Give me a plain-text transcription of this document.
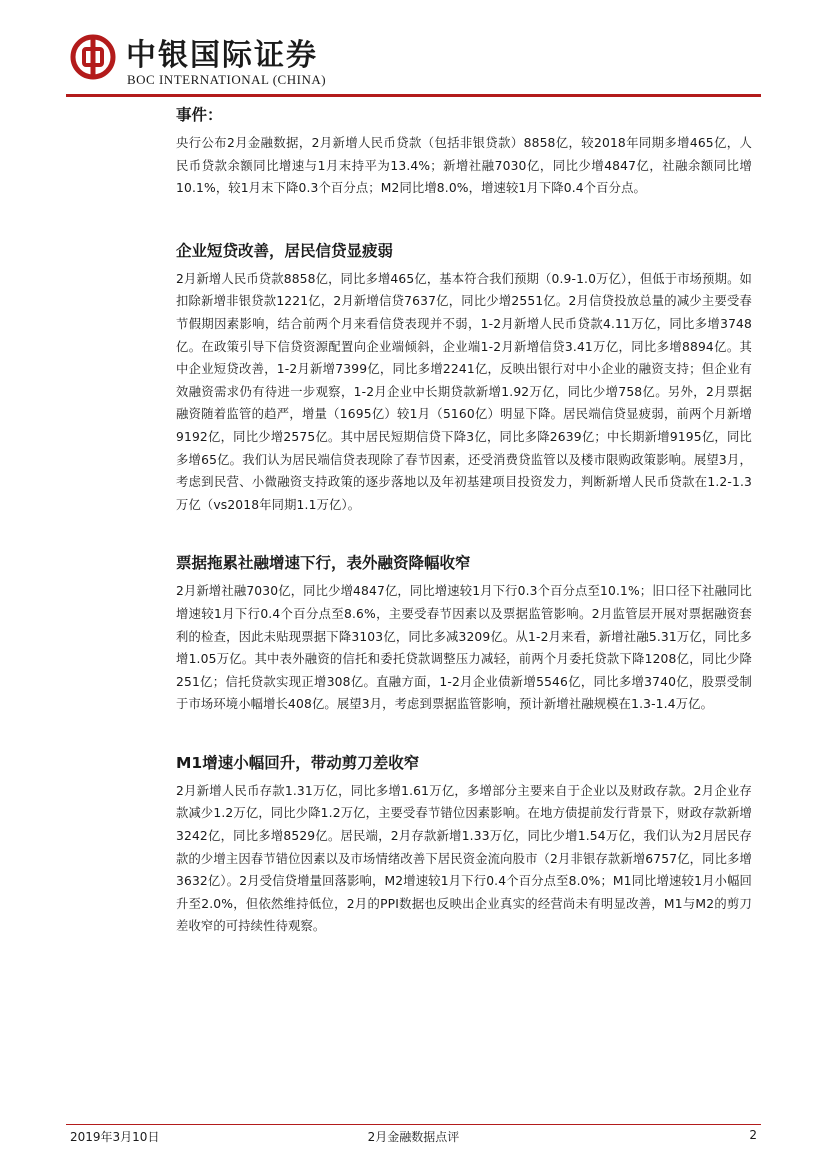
中银国际证券
BOC INTERNATIONAL (CHINA)
事件：

央行公布2月金融数据，2月新增人民币贷款（包括非银贷款）8858亿，较2018年同期多增465亿，人民币贷款余额同比增速与1月末持平为13.4%；新增社融7030亿，同比少增4847亿，社融余额同比增10.1%，较1月末下降0.3个百分点；M2同比增8.0%，增速较1月下降0.4个百分点。

企业短贷改善，居民信贷显疲弱

2月新增人民币贷款8858亿，同比多增465亿，基本符合我们预期（0.9-1.0万亿），但低于市场预期。如扣除新增非银贷款1221亿，2月新增信贷7637亿，同比少增2551亿。2月信贷投放总量的减少主要受春节假期因素影响，结合前两个月来看信贷表现并不弱，1-2月新增人民币贷款4.11万亿，同比多增3748亿。在政策引导下信贷资源配置向企业端倾斜，企业端1-2月新增信贷3.41万亿，同比多增8894亿。其中企业短贷改善，1-2月新增7399亿，同比多增2241亿，反映出银行对中小企业的融资支持；但企业有效融资需求仍有待进一步观察，1-2月企业中长期贷款新增1.92万亿，同比少增758亿。另外，2月票据融资随着监管的趋严，增量（1695亿）较1月（5160亿）明显下降。居民端信贷显疲弱，前两个月新增9192亿，同比少增2575亿。其中居民短期信贷下降3亿，同比多降2639亿；中长期新增9195亿，同比多增65亿。我们认为居民端信贷表现除了春节因素，还受消费贷监管以及楼市限购政策影响。展望3月，考虑到民营、小微融资支持政策的逐步落地以及年初基建项目投资发力，判断新增人民币贷款在1.2-1.3万亿（vs2018年同期1.1万亿）。

票据拖累社融增速下行，表外融资降幅收窄

2月新增社融7030亿，同比少增4847亿，同比增速较1月下行0.3个百分点至10.1%；旧口径下社融同比增速较1月下行0.4个百分点至8.6%，主要受春节因素以及票据监管影响。2月监管层开展对票据融资套利的检查，因此未贴现票据下降3103亿，同比多减3209亿。从1-2月来看，新增社融5.31万亿，同比多增1.05万亿。其中表外融资的信托和委托贷款调整压力减轻，前两个月委托贷款下降1208亿，同比少降251亿；信托贷款实现正增308亿。直融方面，1-2月企业债新增5546亿，同比多增3740亿，股票受制于市场环境小幅增长408亿。展望3月，考虑到票据监管影响，预计新增社融规模在1.3-1.4万亿。

M1增速小幅回升，带动剪刀差收窄

2月新增人民币存款1.31万亿，同比多增1.61万亿，多增部分主要来自于企业以及财政存款。2月企业存款减少1.2万亿，同比少降1.2万亿，主要受春节错位因素影响。在地方债提前发行背景下，财政存款新增3242亿，同比多增8529亿。居民端，2月存款新增1.33万亿，同比少增1.54万亿，我们认为2月居民存款的少增主因春节错位因素以及市场情绪改善下居民资金流向股市（2月非银存款新增6757亿，同比多增3632亿）。2月受信贷增量回落影响，M2增速较1月下行0.4个百分点至8.0%；M1同比增速较1月小幅回升至2.0%，但依然维持低位，2月的PPI数据也反映出企业真实的经营尚未有明显改善，M1与M2的剪刀差收窄的可持续性待观察。

2019年3月10日	2月金融数据点评	2
